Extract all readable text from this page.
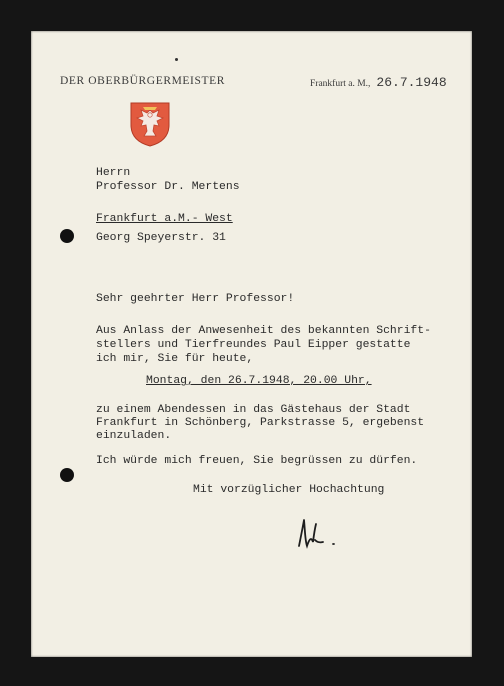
DER OBERBÜRGERMEISTER	Frankfurt a. M., 26.7.1948
Herrn
Professor Dr. Mertens
Frankfurt a.M.- West
Georg Speyerstr. 31
Sehr geehrter Herr Professor!
Aus Anlass der Anwesenheit des bekannten Schrift-
stellers und Tierfreundes Paul Eipper gestatte
ich mir, Sie für heute,
Montag, den 26.7.1948, 20.00 Uhr,
zu einem Abendessen in das Gästehaus der Stadt
Frankfurt in Schönberg, Parkstrasse 5, ergebenst
einzuladen.
Ich würde mich freuen, Sie begrüssen zu dürfen.
Mit vorzüglicher Hochachtung
